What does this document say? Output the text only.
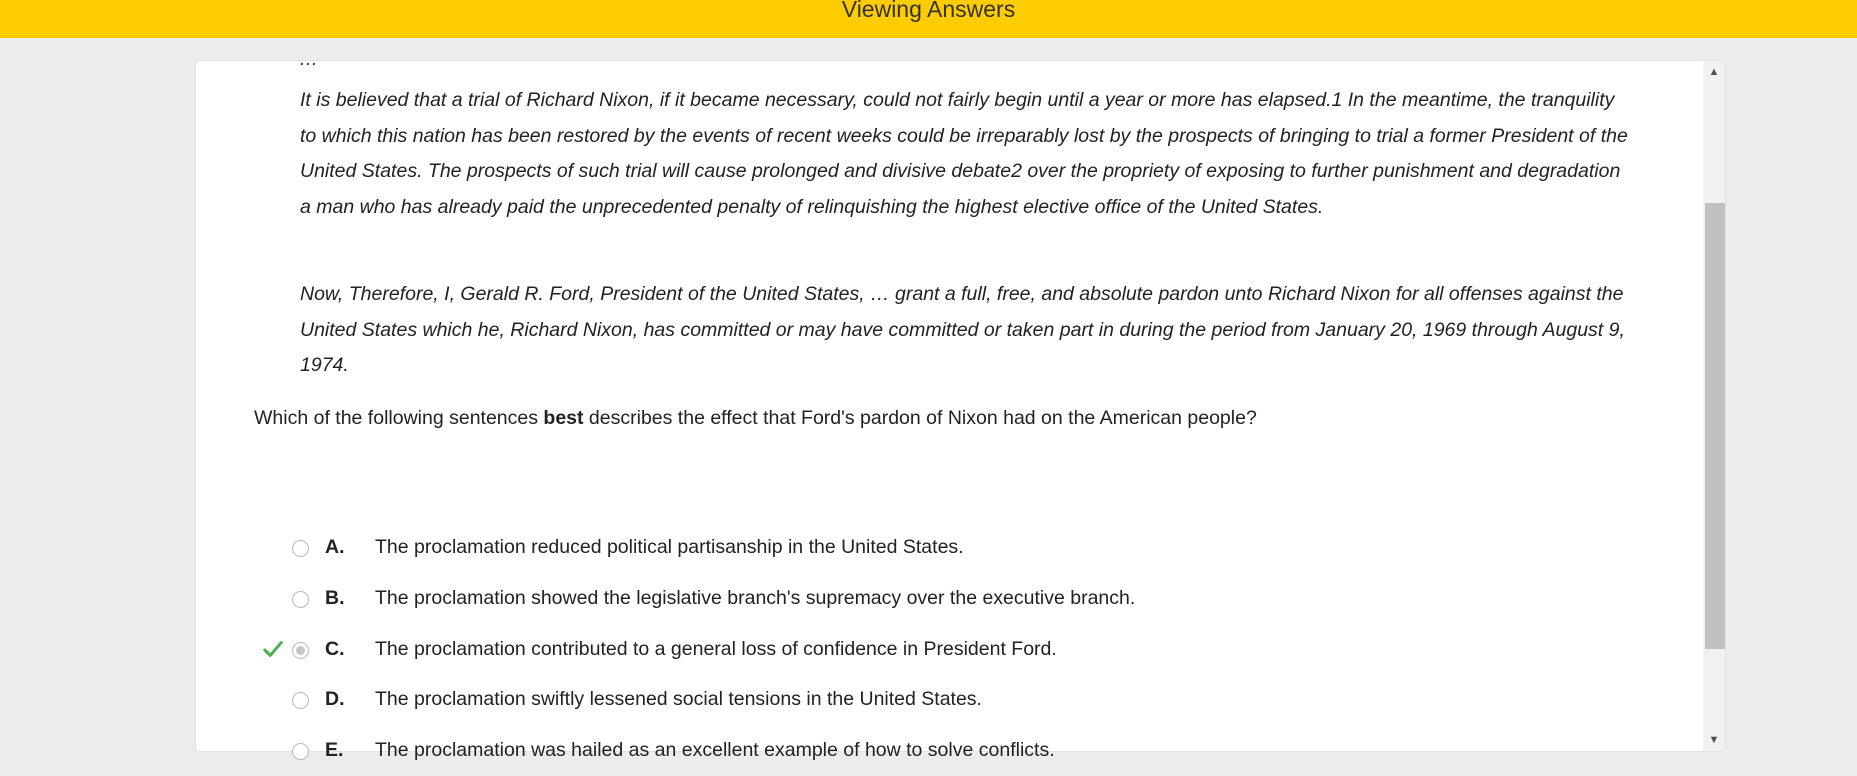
Viewing Answers
…

It is believed that a trial of Richard Nixon, if it became necessary, could not fairly begin until a year or more has elapsed.1 In the meantime, the tranquility to which this nation has been restored by the events of recent weeks could be irreparably lost by the prospects of bringing to trial a former President of the United States. The prospects of such trial will cause prolonged and divisive debate2 over the propriety of exposing to further punishment and degradation a man who has already paid the unprecedented penalty of relinquishing the highest elective office of the United States.

Now, Therefore, I, Gerald R. Ford, President of the United States, … grant a full, free, and absolute pardon unto Richard Nixon for all offenses against the United States which he, Richard Nixon, has committed or may have committed or taken part in during the period from January 20, 1969 through August 9, 1974.

Which of the following sentences best describes the effect that Ford's pardon of Nixon had on the American people?

A. The proclamation reduced political partisanship in the United States.
B. The proclamation showed the legislative branch's supremacy over the executive branch.
C. The proclamation contributed to a general loss of confidence in President Ford.
D. The proclamation swiftly lessened social tensions in the United States.
E. The proclamation was hailed as an excellent example of how to solve conflicts.
▲
▼
